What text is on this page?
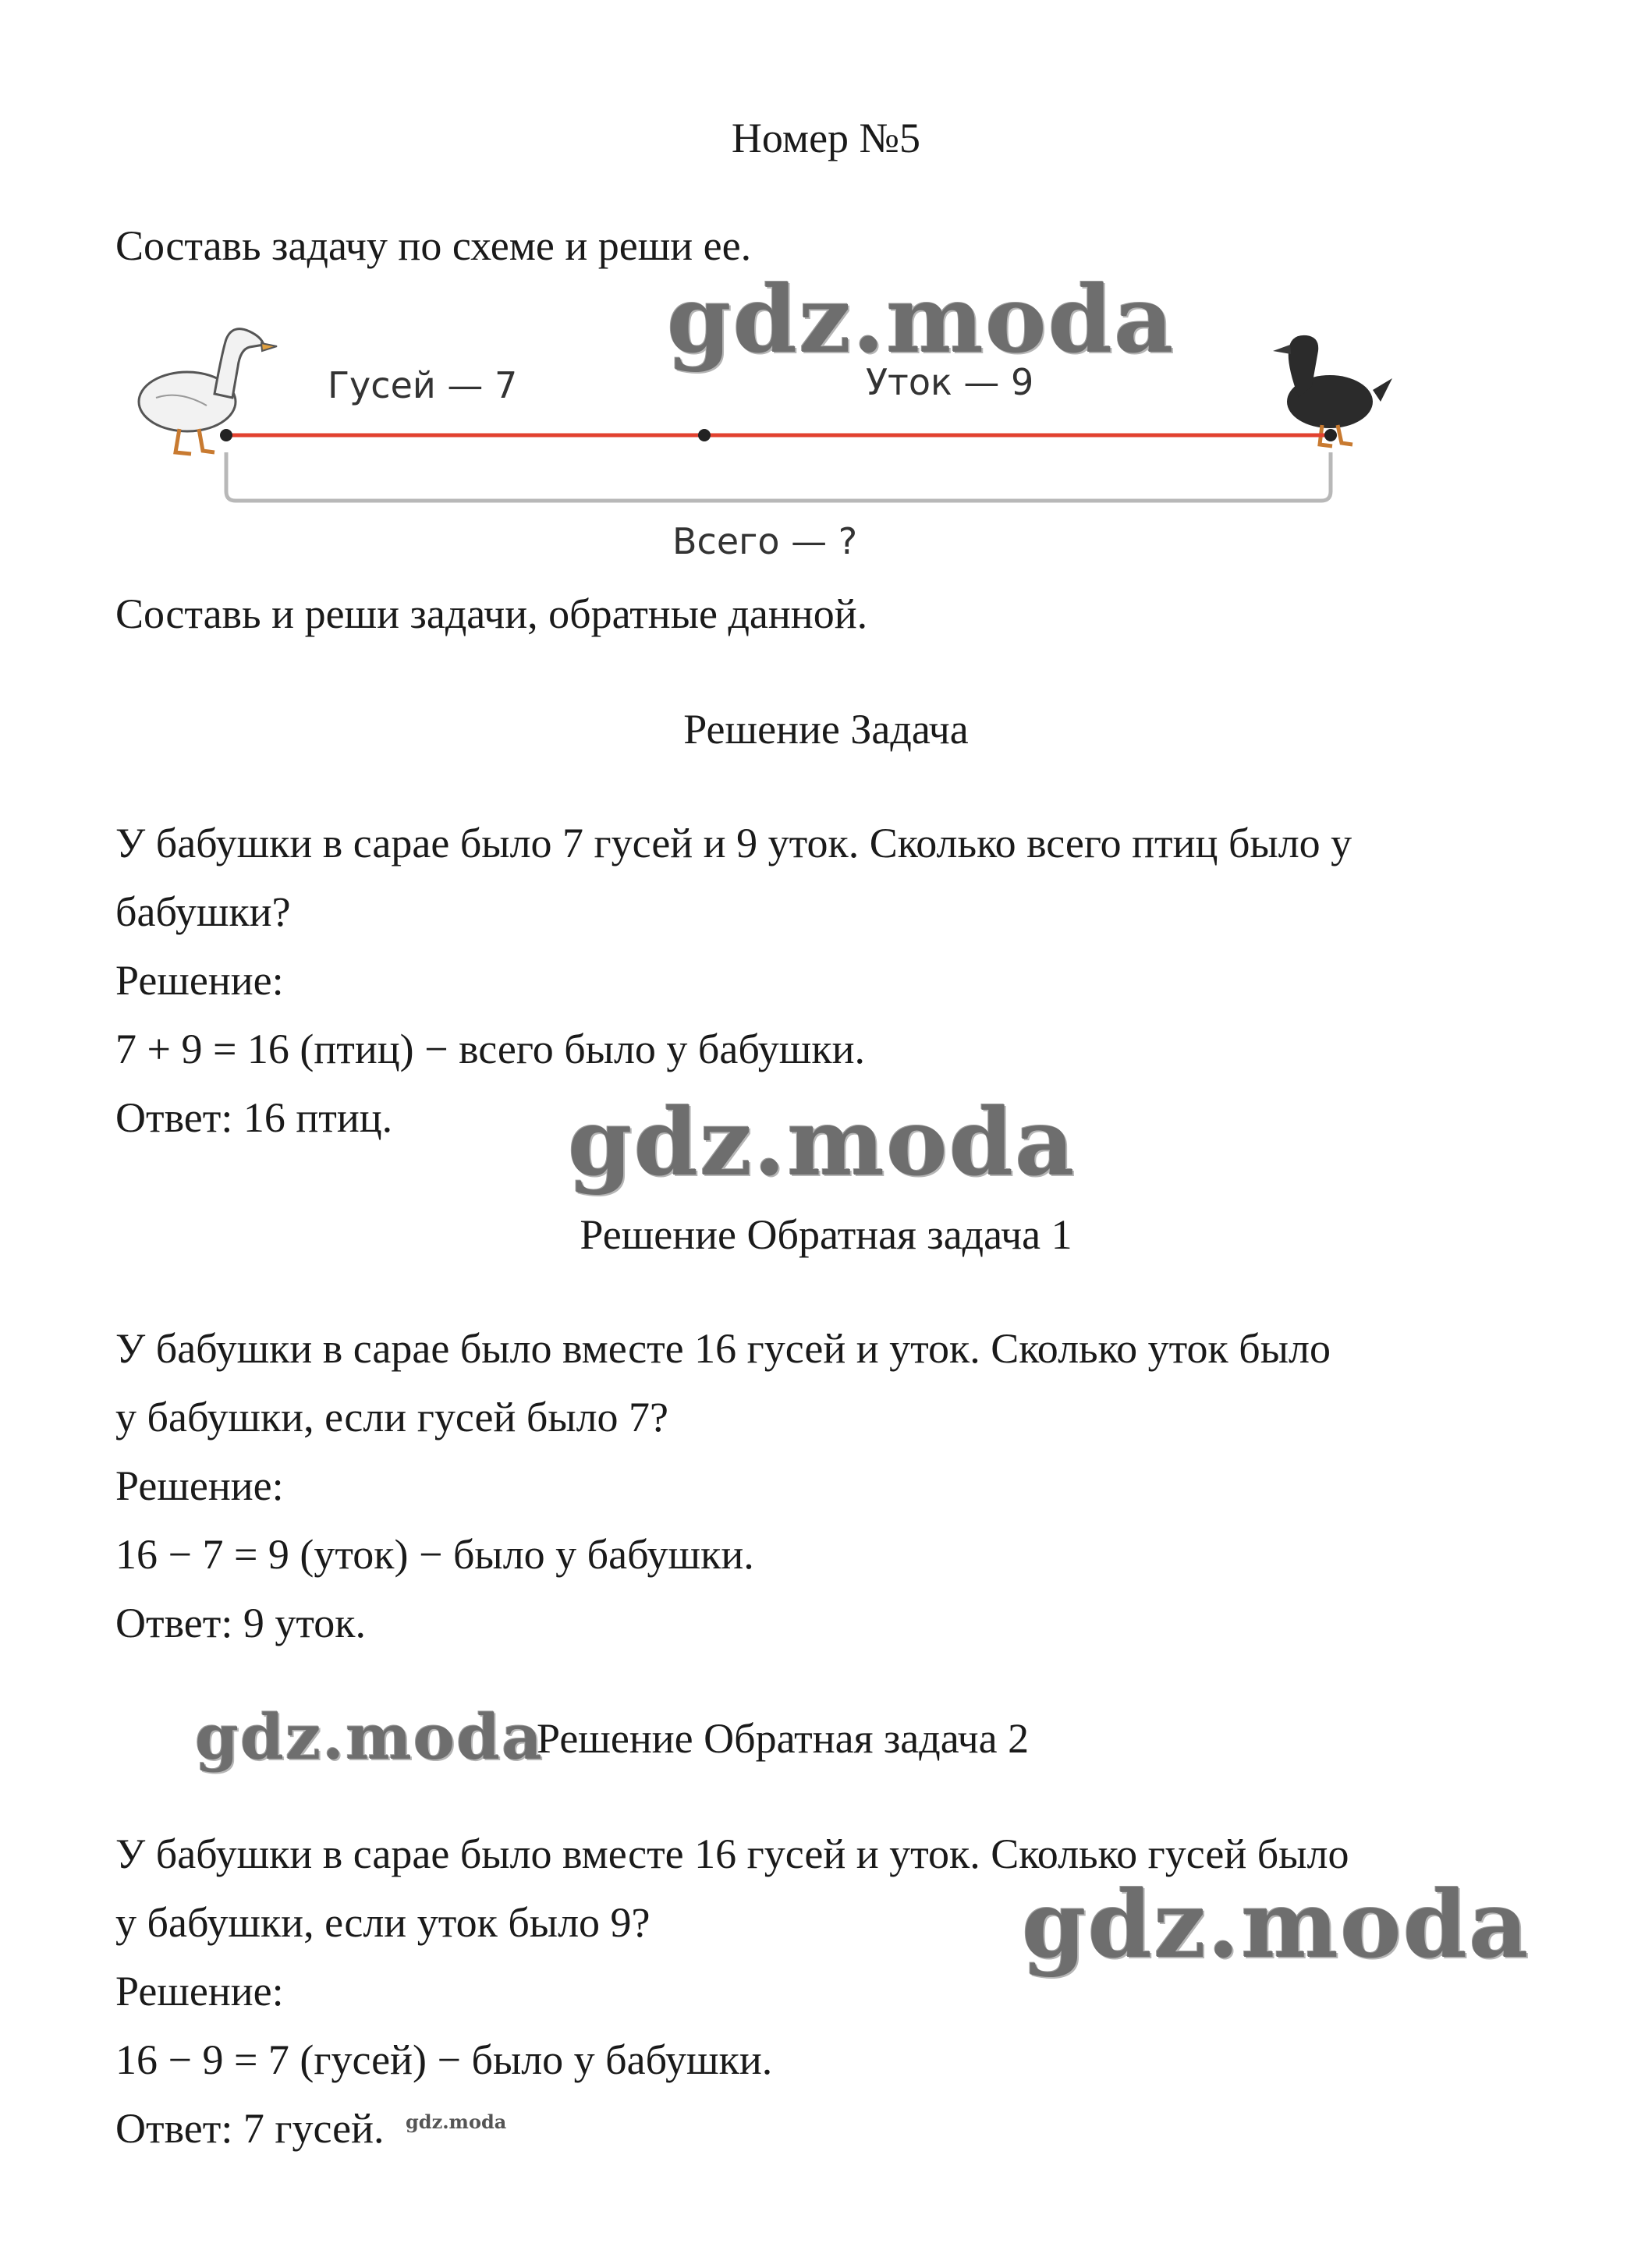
Номер №5
Составь задачу по схеме и реши ее.
Гусей — 7	Уток — 9
Всего — ?
gdz.moda
Составь и реши задачи, обратные данной.
Решение Задача
У бабушки в сарае было 7 гусей и 9 уток. Сколько всего птиц было у
бабушки?
Решение:
7 + 9 = 16 (птиц) − всего было у бабушки.
Ответ: 16 птиц. gdz.moda
Решение Обратная задача 1
У бабушки в сарае было вместе 16 гусей и уток. Сколько уток было
у бабушки, если гусей было 7?
Решение:
16 − 7 = 9 (уток) − было у бабушки.
Ответ: 9 уток.
gdz.moda
Решение Обратная задача 2
У бабушки в сарае было вместе 16 гусей и уток. Сколько гусей было
у бабушки, если уток было 9?	gdz.moda
Решение:
16 − 9 = 7 (гусей) − было у бабушки.
Ответ: 7 гусей. gdz.moda
